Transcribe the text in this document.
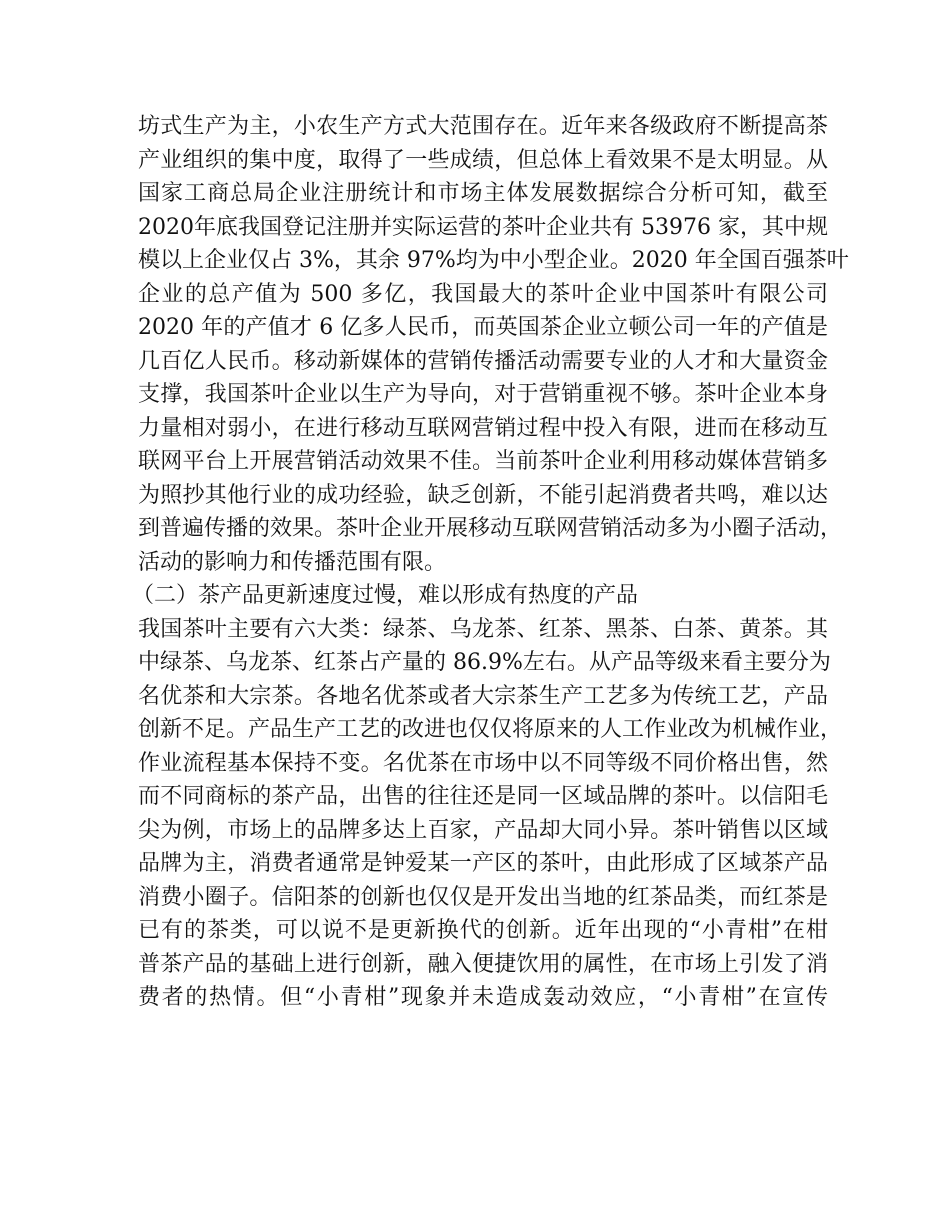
坊式生产为主，小农生产方式大范围存在。近年来各级政府不断提高茶
产业组织的集中度，取得了一些成绩，但总体上看效果不是太明显。从
国家工商总局企业注册统计和市场主体发展数据综合分析可知，截至
2020年底我国登记注册并实际运营的茶叶企业共有 53976 家，其中规
模以上企业仅占 3%，其余 97%均为中小型企业。2020 年全国百强茶叶
企业的总产值为 500 多亿，我国最大的茶叶企业中国茶叶有限公司
2020 年的产值才 6 亿多人民币，而英国茶企业立顿公司一年的产值是
几百亿人民币。移动新媒体的营销传播活动需要专业的人才和大量资金
支撑，我国茶叶企业以生产为导向，对于营销重视不够。茶叶企业本身
力量相对弱小，在进行移动互联网营销过程中投入有限，进而在移动互
联网平台上开展营销活动效果不佳。当前茶叶企业利用移动媒体营销多
为照抄其他行业的成功经验，缺乏创新，不能引起消费者共鸣，难以达
到普遍传播的效果。茶叶企业开展移动互联网营销活动多为小圈子活动，
活动的影响力和传播范围有限。
（二）茶产品更新速度过慢，难以形成有热度的产品
我国茶叶主要有六大类：绿茶、乌龙茶、红茶、黑茶、白茶、黄茶。其
中绿茶、乌龙茶、红茶占产量的 86.9%左右。从产品等级来看主要分为
名优茶和大宗茶。各地名优茶或者大宗茶生产工艺多为传统工艺，产品
创新不足。产品生产工艺的改进也仅仅将原来的人工作业改为机械作业，
作业流程基本保持不变。名优茶在市场中以不同等级不同价格出售，然
而不同商标的茶产品，出售的往往还是同一区域品牌的茶叶。以信阳毛
尖为例，市场上的品牌多达上百家，产品却大同小异。茶叶销售以区域
品牌为主，消费者通常是钟爱某一产区的茶叶，由此形成了区域茶产品
消费小圈子。信阳茶的创新也仅仅是开发出当地的红茶品类，而红茶是
已有的茶类，可以说不是更新换代的创新。近年出现的“小青柑”在柑
普茶产品的基础上进行创新，融入便捷饮用的属性，在市场上引发了消
费者的热情。但“小青柑”现象并未造成轰动效应，“小青柑”在宣传
